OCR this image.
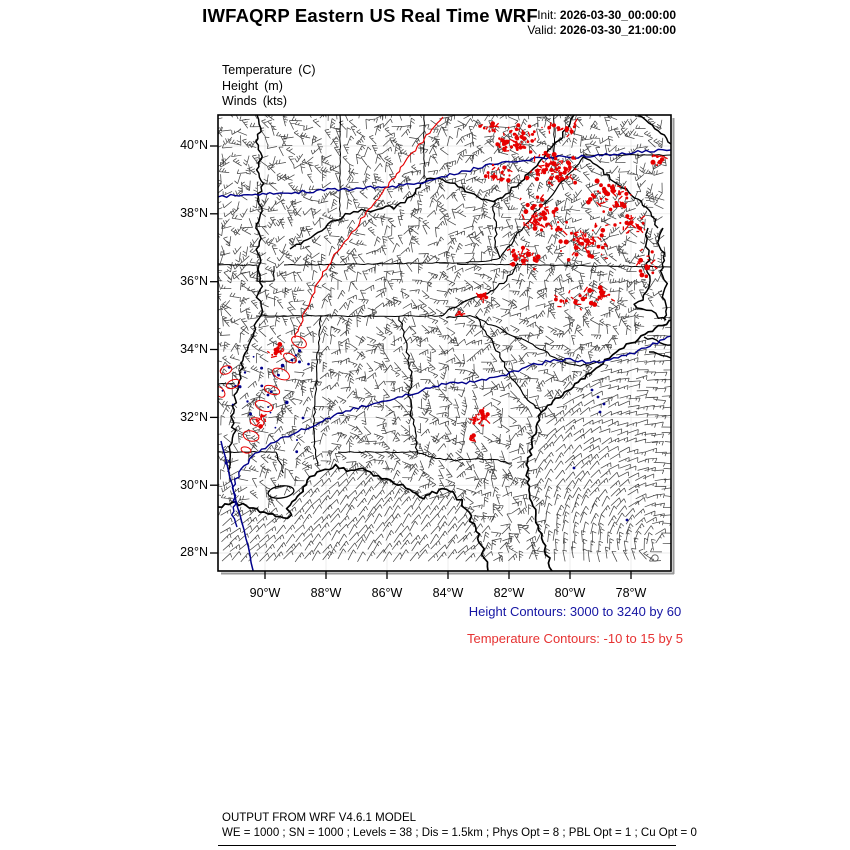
IWFAQRP Eastern US Real Time WRF Init: 2026-03-30_00:00:00
Valid: 2026-03-30_21:00:00
Temperature (C)
Height (m)
Winds (kts)
40°N
38°N
36°N
34°N
32°N
30°N
28°N
90°W	88°W	86°W	84°W	82°W	80°W	78°W
Height Contours: 3000 to 3240 by 60
Temperature Contours: -10 to 15 by 5
OUTPUT FROM WRF V4.6.1 MODEL
WE = 1000 ; SN = 1000 ; Levels = 38 ; Dis = 1.5km ; Phys Opt = 8 ; PBL Opt = 1 ; Cu Opt = 0
